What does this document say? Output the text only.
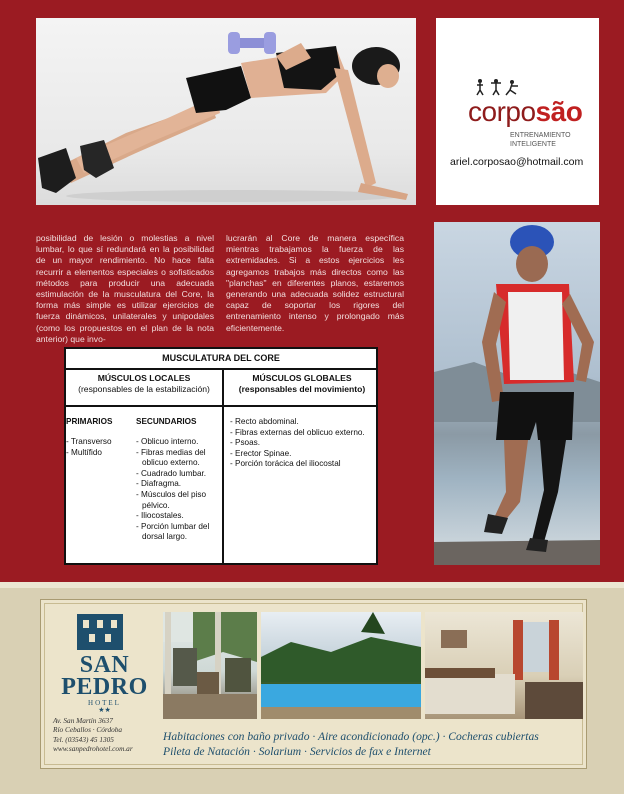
corposão
ENTRENAMIENTO
INTELIGENTE
ariel.corposao@hotmail.com

posibilidad de lesión o molestias a nivel lumbar, lo que sí redundará en la posibilidad de un mayor rendimiento. No hace falta recurrir a elementos especiales o sofisticados métodos para producir una adecuada estimulación de la musculatura del Core, la forma más simple es utilizar ejercicios de fuerza dinámicos, unilaterales y unipodales (como los propuestos en el plan de la nota anterior) que invo-

lucrarán al Core de manera específica mientras trabajamos la fuerza de las extremidades. Si a estos ejercicios les agregamos trabajos más directos como las "planchas" en diferentes planos, estaremos generando una adecuada solidez estructural capaz de soportar los rigores del entrenamiento intenso y prolongado más eficientemente.

MUSCULATURA DEL CORE
MÚSCULOS LOCALES
(responsables de la estabilización)
MÚSCULOS GLOBALES
(responsables del movimiento)
PRIMARIOS	SECUNDARIOS
- Transverso
- Multífido
- Oblicuo interno.
- Fibras medias del
oblicuo externo.
- Cuadrado lumbar.
- Diafragma.
- Músculos del piso
pélvico.
- Iliocostales.
- Porción lumbar del
dorsal largo.
- Recto abdominal.
- Fibras externas del oblicuo externo.
- Psoas.
- Erector Spinae.
- Porción torácica del iliocostal
SAN
PEDRO
HOTEL
★★
Av. San Martín 3637
Río Ceballos · Córdoba
Tel. (03543) 45 1305
www.sanpedrohotel.com.ar
Habitaciones con baño privado · Aire acondicionado (opc.) · Cocheras cubiertas
Pileta de Natación · Solarium · Servicios de fax e Internet
